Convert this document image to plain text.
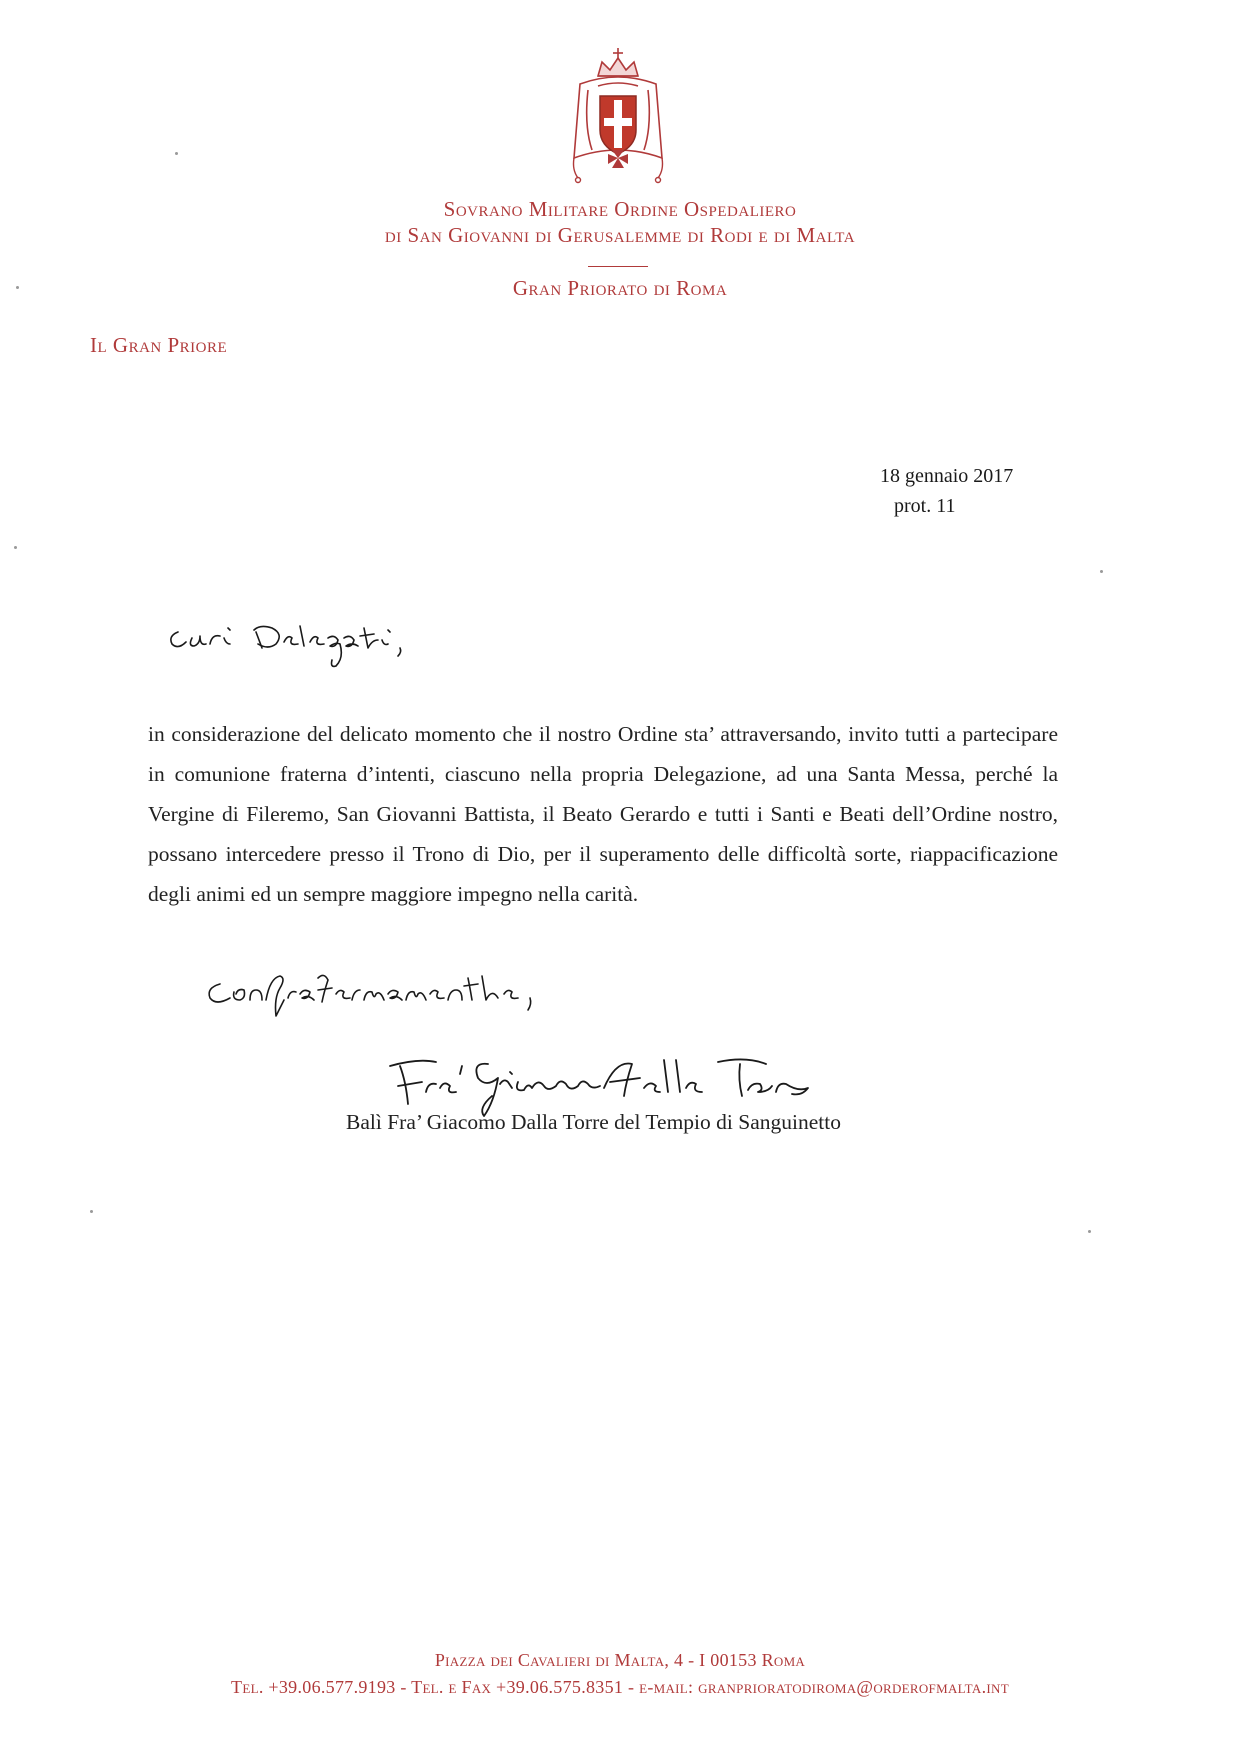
Sovrano Militare Ordine Ospedaliero
di San Giovanni di Gerusalemme di Rodi e di Malta
Gran Priorato di Roma
Il Gran Priore
18 gennaio 2017
prot. 11
in considerazione del delicato momento che il nostro Ordine sta’ attraversando, invito tutti a partecipare in comunione fraterna d’intenti, ciascuno nella propria Delegazione, ad una Santa Messa, perché la Vergine di Fileremo, San Giovanni Battista, il Beato Gerardo e tutti i Santi e Beati dell’Ordine nostro, possano intercedere presso il Trono di Dio, per il superamento delle difficoltà sorte, riappacificazione degli animi ed un sempre maggiore impegno nella carità.
Balì Fra’ Giacomo Dalla Torre del Tempio di Sanguinetto
Piazza dei Cavalieri di Malta, 4 - I 00153 Roma
Tel. +39.06.577.9193 - Tel. e Fax +39.06.575.8351 - e-mail: granprioratodiroma@orderofmalta.int
